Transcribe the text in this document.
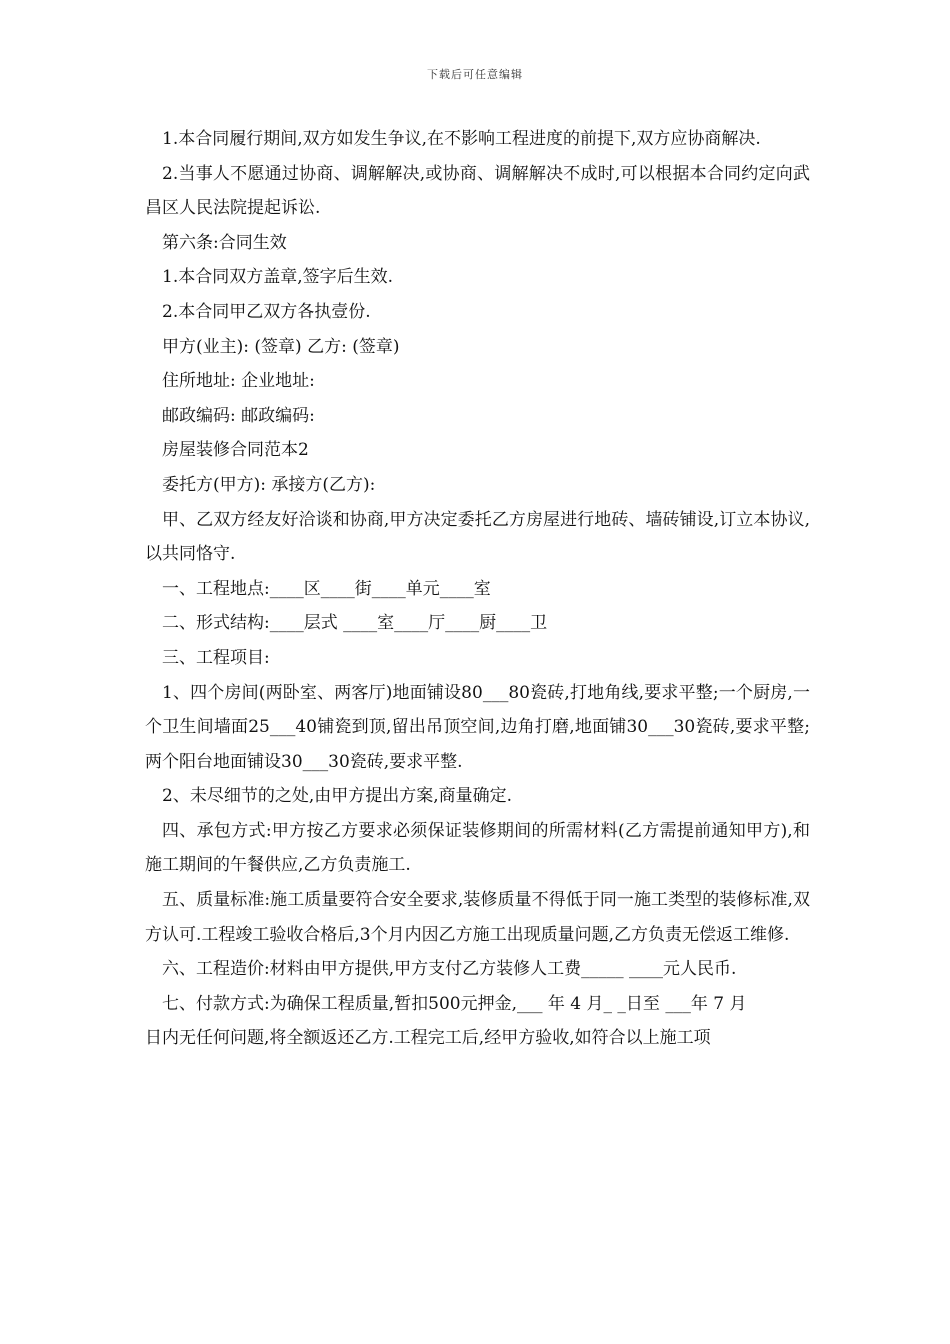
下载后可任意编辑

1.本合同履行期间,双方如发生争议,在不影响工程进度的前提下,双方应协商解决.

2.当事人不愿通过协商、调解解决,或协商、调解解决不成时,可以根据本合同约定向武昌区人民法院提起诉讼.

第六条:合同生效

1.本合同双方盖章,签字后生效.

2.本合同甲乙双方各执壹份.

甲方(业主): (签章) 乙方: (签章)

住所地址: 企业地址:

邮政编码: 邮政编码:

房屋装修合同范本2

委托方(甲方): 承接方(乙方):

甲、乙双方经友好洽谈和协商,甲方决定委托乙方房屋进行地砖、墙砖铺设,订立本协议,以共同恪守.

一、工程地点:____区____街____单元____室

二、形式结构:____层式 ____室____厅____厨____卫

三、工程项目:

1、四个房间(两卧室、两客厅)地面铺设80___80瓷砖,打地角线,要求平整;一个厨房,一个卫生间墙面25___40铺瓷到顶,留出吊顶空间,边角打磨,地面铺30___30瓷砖,要求平整;两个阳台地面铺设30___30瓷砖,要求平整.

2、未尽细节的之处,由甲方提出方案,商量确定.

四、承包方式:甲方按乙方要求必须保证装修期间的所需材料(乙方需提前通知甲方),和施工期间的午餐供应,乙方负责施工.

五、质量标准:施工质量要符合安全要求,装修质量不得低于同一施工类型的装修标准,双方认可.工程竣工验收合格后,3个月内因乙方施工出现质量问题,乙方负责无偿返工维修.

六、工程造价:材料由甲方提供,甲方支付乙方装修人工费_____ ____元人民币.

七、付款方式:为确保工程质量,暂扣500元押金,___ 年 4 月_ _日至 ___年 7 月

日内无任何问题,将全额返还乙方.工程完工后,经甲方验收,如符合以上施工项
